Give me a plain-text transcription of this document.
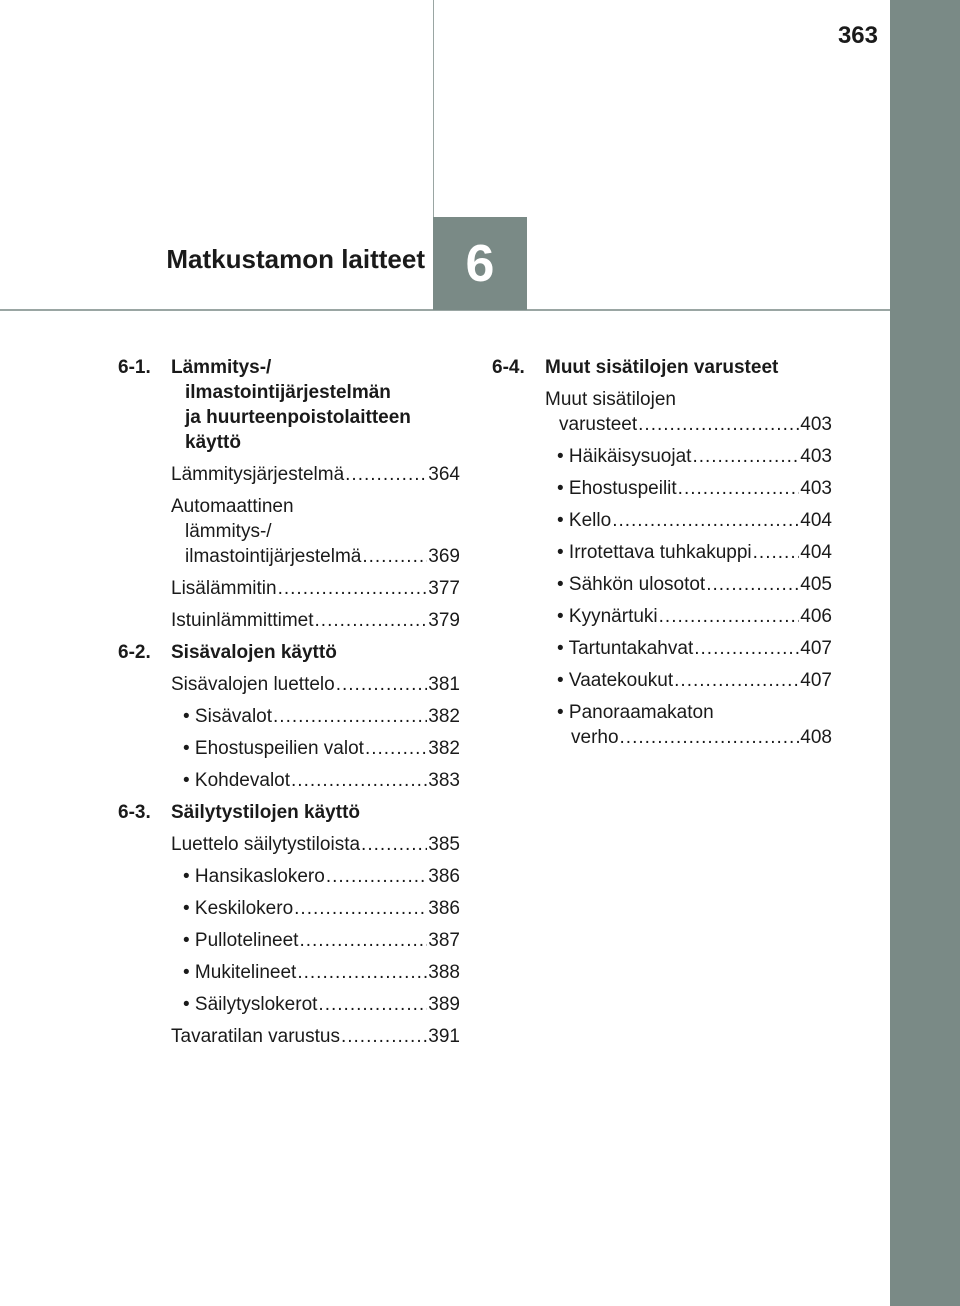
363
6
Matkustamon laitteet
6-1.	Lämmitys-/
ilmastointijärjestelmän
ja huurteenpoistolaitteen
käyttö
Lämmitysjärjestelmä .....	364
Automaattinen
lämmitys-/
ilmastointijärjestelmä .....	369
Lisälämmitin .....	377
Istuinlämmittimet .....	379
6-2.	Sisävalojen käyttö
Sisävalojen luettelo .....	381
• Sisävalot .....	382
• Ehostuspeilien valot .....	382
• Kohdevalot .....	383
6-3.	Säilytystilojen käyttö
Luettelo säilytystiloista .....	385
• Hansikaslokero .....	386
• Keskilokero .....	386
• Pullotelineet .....	387
• Mukitelineet .....	388
• Säilytyslokerot .....	389
Tavaratilan varustus .....	391
6-4.	Muut sisätilojen varusteet
Muut sisätilojen
varusteet .....	403
• Häikäisysuojat .....	403
• Ehostuspeilit .....	403
• Kello .....	404
• Irrotettava tuhkakuppi .....	404
• Sähkön ulosotot .....	405
• Kyynärtuki .....	406
• Tartuntakahvat .....	407
• Vaatekoukut .....	407
• Panoraamakaton
verho .....	408
